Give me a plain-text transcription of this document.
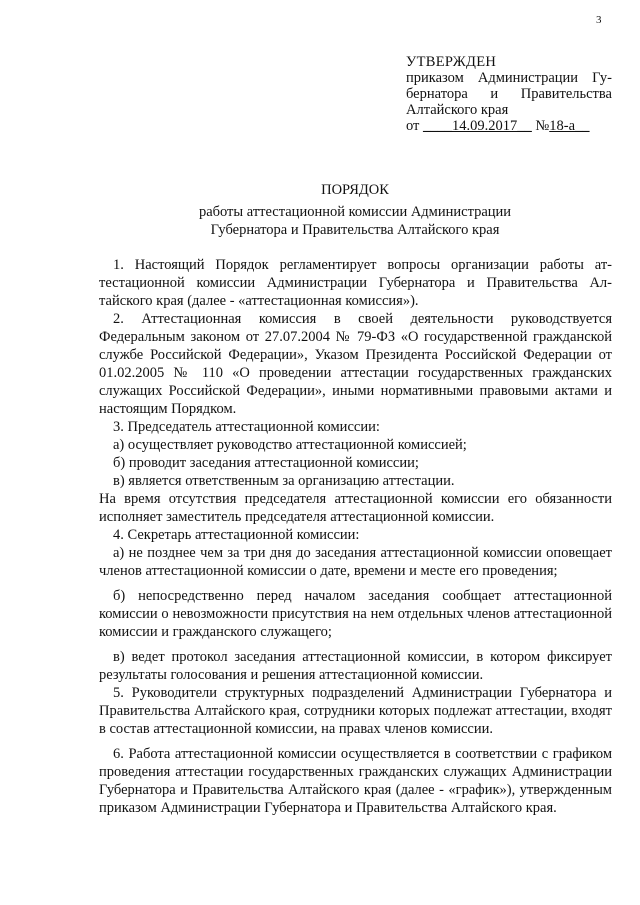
3
УТВЕРЖДЕН
приказом Администрации Гу-
бернатора и Правительства
Алтайского края
от ____14.09.2017__ №18-а__
ПОРЯДОК
работы аттестационной комиссии Администрации
Губернатора и Правительства Алтайского края

1. Настоящий Порядок регламентирует вопросы организации работы аттестационной комиссии Администрации Губернатора и Правительства Алтайского края (далее - «аттестационная комиссия»).

2. Аттестационная комиссия в своей деятельности руководствуется Федеральным законом от 27.07.2004 № 79-ФЗ «О государственной гражданской службе Российской Федерации», Указом Президента Российской Федерации от 01.02.2005 № 110 «О проведении аттестации государственных гражданских служащих Российской Федерации», иными нормативными правовыми актами и настоящим Порядком.

3. Председатель аттестационной комиссии:

а) осуществляет руководство аттестационной комиссией;

б) проводит заседания аттестационной комиссии;

в) является ответственным за организацию аттестации.

На время отсутствия председателя аттестационной комиссии его обязанности исполняет заместитель председателя аттестационной комиссии.

4. Секретарь аттестационной комиссии:

а) не позднее чем за три дня до заседания аттестационной комиссии оповещает членов аттестационной комиссии о дате, времени и месте его проведения;

б) непосредственно перед началом заседания сообщает аттестационной комиссии о невозможности присутствия на нем отдельных членов аттестационной комиссии и гражданского служащего;

в) ведет протокол заседания аттестационной комиссии, в котором фиксирует результаты голосования и решения аттестационной комиссии.

5. Руководители структурных подразделений Администрации Губернатора и Правительства Алтайского края, сотрудники которых подлежат аттестации, входят в состав аттестационной комиссии, на правах членов комиссии.

6. Работа аттестационной комиссии осуществляется в соответствии с графиком проведения аттестации государственных гражданских служащих Администрации Губернатора и Правительства Алтайского края (далее - «график»), утвержденным приказом Администрации Губернатора и Правительства Алтайского края.
